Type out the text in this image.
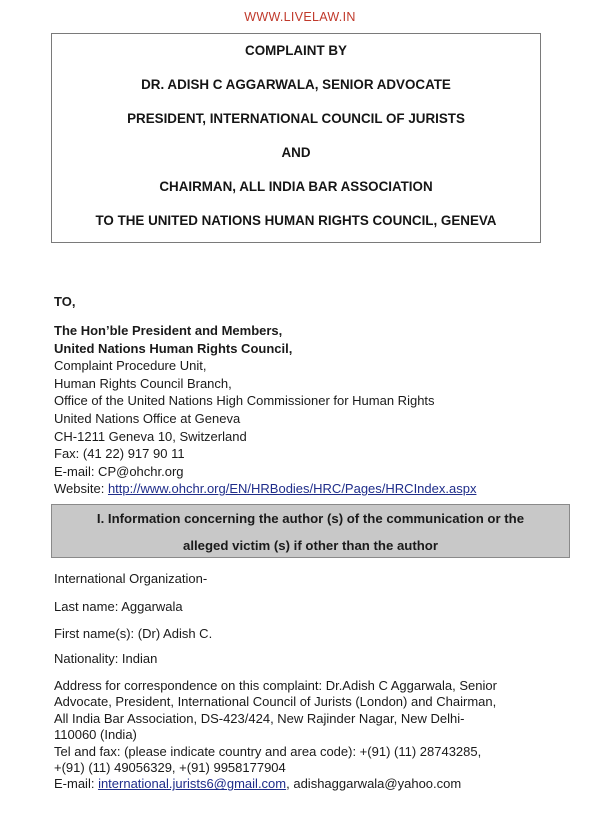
WWW.LIVELAW.IN
COMPLAINT BY
DR. ADISH C AGGARWALA, SENIOR ADVOCATE
PRESIDENT, INTERNATIONAL COUNCIL OF JURISTS
AND
CHAIRMAN, ALL INDIA BAR ASSOCIATION
TO THE UNITED NATIONS HUMAN RIGHTS COUNCIL, GENEVA
TO,
The Hon’ble President and Members,
United Nations Human Rights Council,
Complaint Procedure Unit,
Human Rights Council Branch,
Office of the United Nations High Commissioner for Human Rights
United Nations Office at Geneva
CH-1211 Geneva 10, Switzerland
Fax: (41 22) 917 90 11
E-mail: CP@ohchr.org
Website: http://www.ohchr.org/EN/HRBodies/HRC/Pages/HRCIndex.aspx
I. Information concerning the author (s) of the communication or the
alleged victim (s) if other than the author
International Organization-
Last name: Aggarwala
First name(s): (Dr) Adish C.
Nationality: Indian
Address for correspondence on this complaint: Dr.Adish C Aggarwala, Senior
Advocate, President, International Council of Jurists (London) and Chairman,
All India Bar Association, DS-423/424, New Rajinder Nagar, New Delhi-
110060 (India)
Tel and fax: (please indicate country and area code): +(91) (11) 28743285,
+(91) (11) 49056329, +(91) 9958177904
E-mail: international.jurists6@gmail.com, adishaggarwala@yahoo.com
